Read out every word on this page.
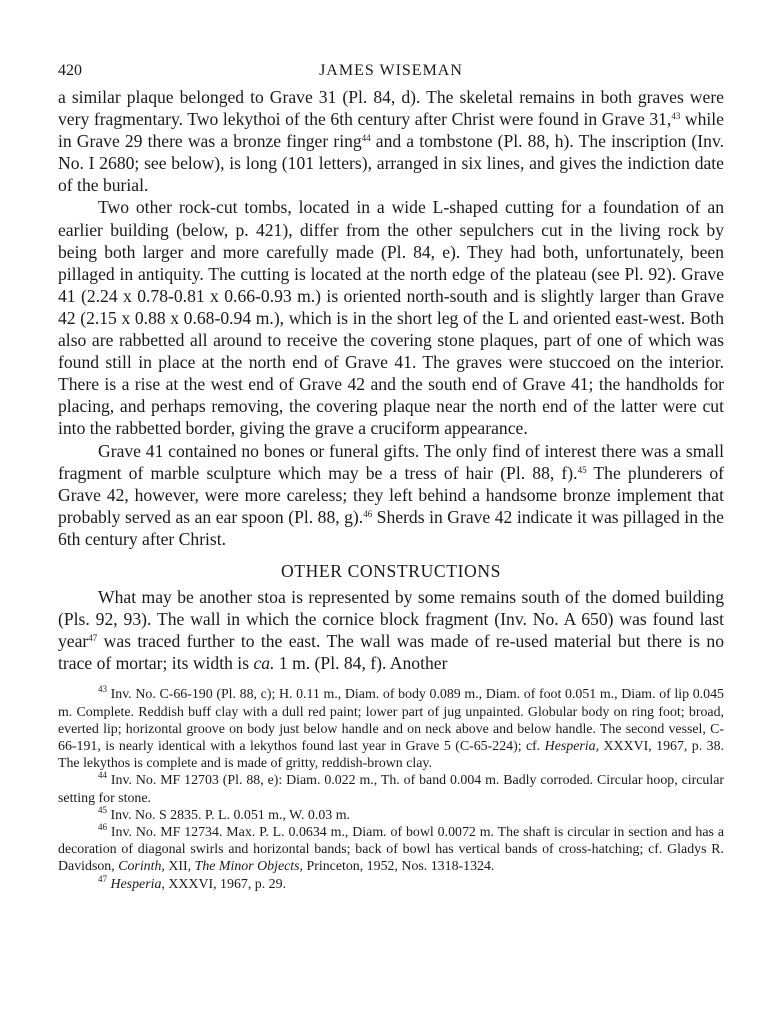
420	JAMES WISEMAN

a similar plaque belonged to Grave 31 (Pl. 84, d). The skeletal remains in both graves were very fragmentary. Two lekythoi of the 6th century after Christ were found in Grave 31,43 while in Grave 29 there was a bronze finger ring$^{44}$ and a tombstone (Pl. 88, h). The inscription (Inv. No. I 2680; see below), is long (101 letters), arranged in six lines, and gives the indiction date of the burial.

Two other rock-cut tombs, located in a wide L-shaped cutting for a foundation of an earlier building (below, p. 421), differ from the other sepulchers cut in the living rock by being both larger and more carefully made (Pl. 84, e). They had both, unfortunately, been pillaged in antiquity. The cutting is located at the north edge of the plateau (see Pl. 92). Grave 41 (2.24 x 0.78-0.81 x 0.66-0.93 m.) is oriented north-south and is slightly larger than Grave 42 (2.15 x 0.88 x 0.68-0.94 m.), which is in the short leg of the L and oriented east-west. Both also are rabbetted all around to receive the covering stone plaques, part of one of which was found still in place at the north end of Grave 41. The graves were stuccoed on the interior. There is a rise at the west end of Grave 42 and the south end of Grave 41; the handholds for placing, and perhaps removing, the covering plaque near the north end of the latter were cut into the rabbetted border, giving the grave a cruciform appearance.

Grave 41 contained no bones or funeral gifts. The only find of interest there was a small fragment of marble sculpture which may be a tress of hair (Pl. 88, f).$^{45}$ The plunderers of Grave 42, however, were more careless; they left behind a handsome bronze implement that probably served as an ear spoon (Pl. 88, g).$^{46}$ Sherds in Grave 42 indicate it was pillaged in the 6th century after Christ.

OTHER CONSTRUCTIONS

What may be another stoa is represented by some remains south of the domed building (Pls. 92, 93). The wall in which the cornice block fragment (Inv. No. A 650) was found last year$^{47}$ was traced further to the east. The wall was made of re-used material but there is no trace of mortar; its width is ca. 1 m. (Pl. 84, f). Another

$^{43}$ Inv. No. C-66-190 (Pl. 88, c); H. 0.11 m., Diam. of body 0.089 m., Diam. of foot 0.051 m., Diam. of lip 0.045 m. Complete. Reddish buff clay with a dull red paint; lower part of jug unpainted. Globular body on ring foot; broad, everted lip; horizontal groove on body just below handle and on neck above and below handle. The second vessel, C-66-191, is nearly identical with a lekythos found last year in Grave 5 (C-65-224); cf. Hesperia, XXXVI, 1967, p. 38. The lekythos is complete and is made of gritty, reddish-brown clay.

$^{44}$ Inv. No. MF 12703 (Pl. 88, e): Diam. 0.022 m., Th. of band 0.004 m. Badly corroded. Circular hoop, circular setting for stone.

$^{45}$ Inv. No. S 2835. P. L. 0.051 m., W. 0.03 m.

$^{46}$ Inv. No. MF 12734. Max. P. L. 0.0634 m., Diam. of bowl 0.0072 m. The shaft is circular in section and has a decoration of diagonal swirls and horizontal bands; back of bowl has vertical bands of cross-hatching; cf. Gladys R. Davidson, Corinth, XII, The Minor Objects, Princeton, 1952, Nos. 1318-1324.

$^{47}$ Hesperia, XXXVI, 1967, p. 29.
